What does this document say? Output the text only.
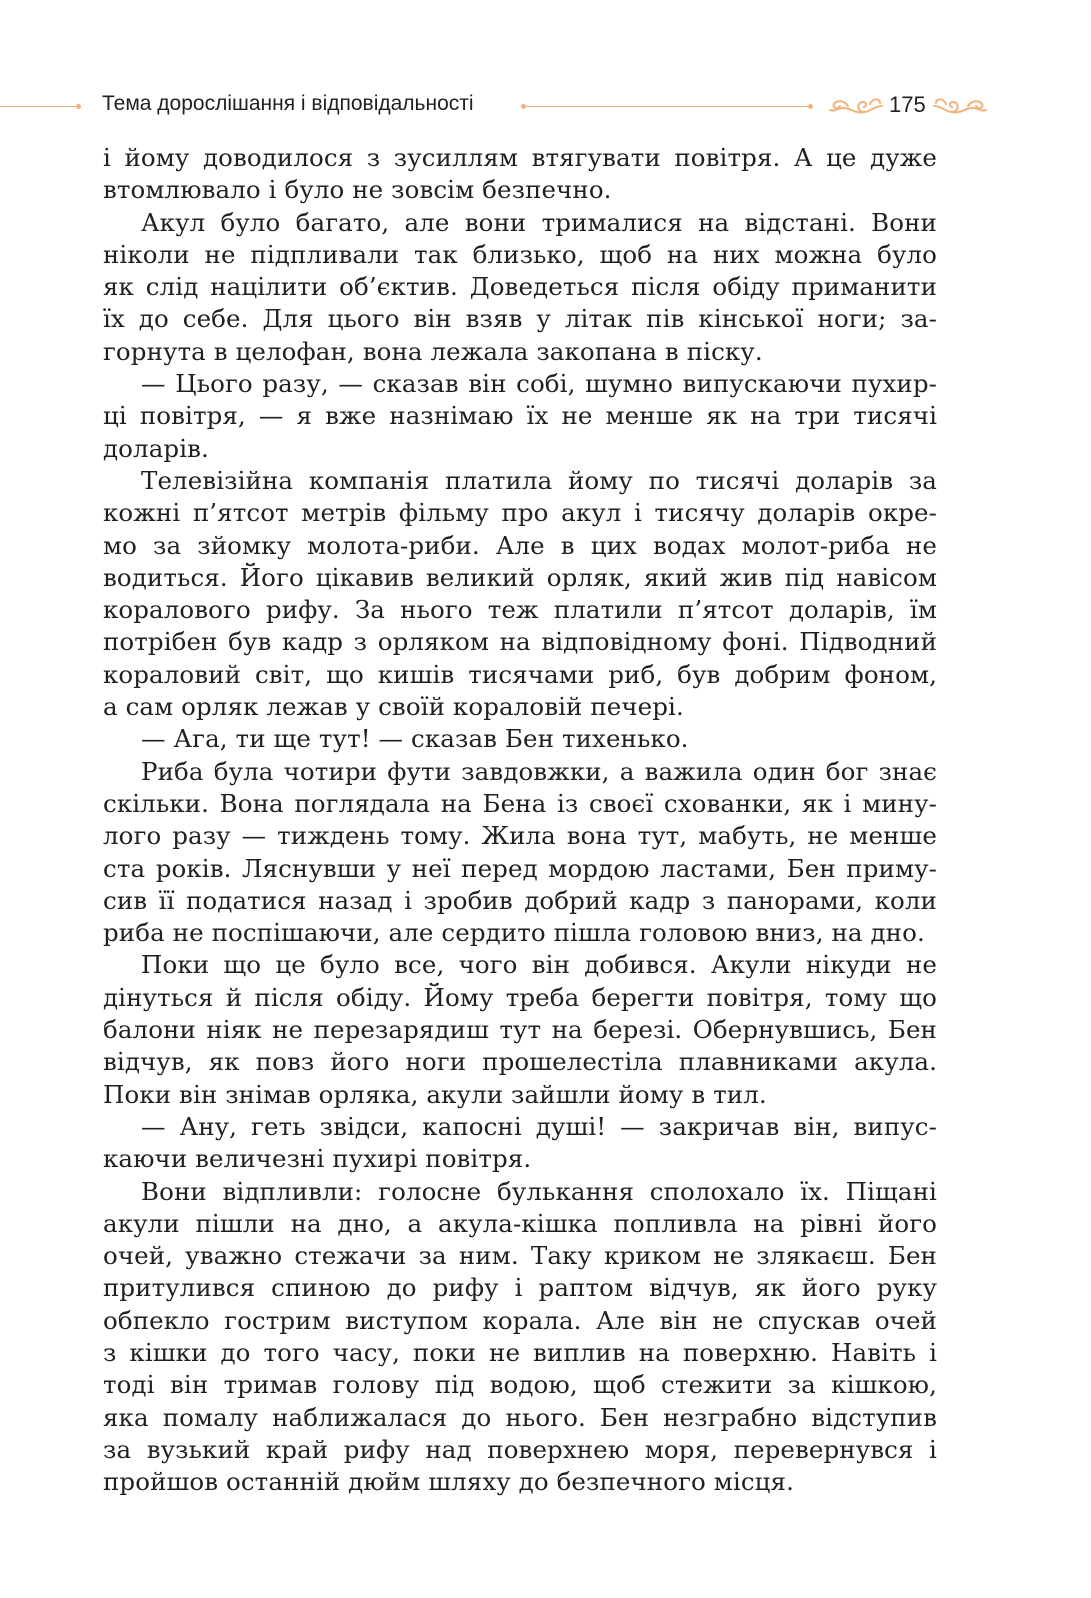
Тема дорослішання і відповідальності	175
і йому доводилося з зусиллям втягувати повітря. А це дуже
втомлювало і було не зовсім безпечно.
Акул було багато, але вони трималися на відстані. Вони
ніколи не підпливали так близько, щоб на них можна було
як слід націлити об’єктив. Доведеться після обіду приманити
їх до себе. Для цього він взяв у літак пів кінської ноги; за-
горнута в целофан, вона лежала закопана в піску.
— Цього разу, — сказав він собі, шумно випускаючи пухир-
ці повітря, — я вже назнімаю їх не менше як на три тисячі
доларів.
Телевізійна компанія платила йому по тисячі доларів за
кожні п’ятсот метрів фільму про акул і тисячу доларів окре-
мо за зйомку молота-риби. Але в цих водах молот-риба не
водиться. Його цікавив великий орляк, який жив під навісом
коралового рифу. За нього теж платили п’ятсот доларів, їм
потрібен був кадр з орляком на відповідному фоні. Підводний
кораловий світ, що кишів тисячами риб, був добрим фоном,
а сам орляк лежав у своїй кораловій печері.
— Ага, ти ще тут! — сказав Бен тихенько.
Риба була чотири фути завдовжки, а важила один бог знає
скільки. Вона поглядала на Бена із своєї схованки, як і мину-
лого разу — тиждень тому. Жила вона тут, мабуть, не менше
ста років. Ляснувши у неї перед мордою ластами, Бен приму-
сив її податися назад і зробив добрий кадр з панорами, коли
риба не поспішаючи, але сердито пішла головою вниз, на дно.
Поки що це було все, чого він добився. Акули нікуди не
дінуться й після обіду. Йому треба берегти повітря, тому що
балони ніяк не перезарядиш тут на березі. Обернувшись, Бен
відчув, як повз його ноги прошелестіла плавниками акула.
Поки він знімав орляка, акули зайшли йому в тил.
— Ану, геть звідси, капосні душі! — закричав він, випус-
каючи величезні пухирі повітря.
Вони відпливли: голосне булькання сполохало їх. Піщані
акули пішли на дно, а акула-кішка попливла на рівні його
очей, уважно стежачи за ним. Таку криком не злякаєш. Бен
притулився спиною до рифу і раптом відчув, як його руку
обпекло гострим виступом корала. Але він не спускав очей
з кішки до того часу, поки не виплив на поверхню. Навіть і
тоді він тримав голову під водою, щоб стежити за кішкою,
яка помалу наближалася до нього. Бен незграбно відступив
за вузький край рифу над поверхнею моря, перевернувся і
пройшов останній дюйм шляху до безпечного місця.
